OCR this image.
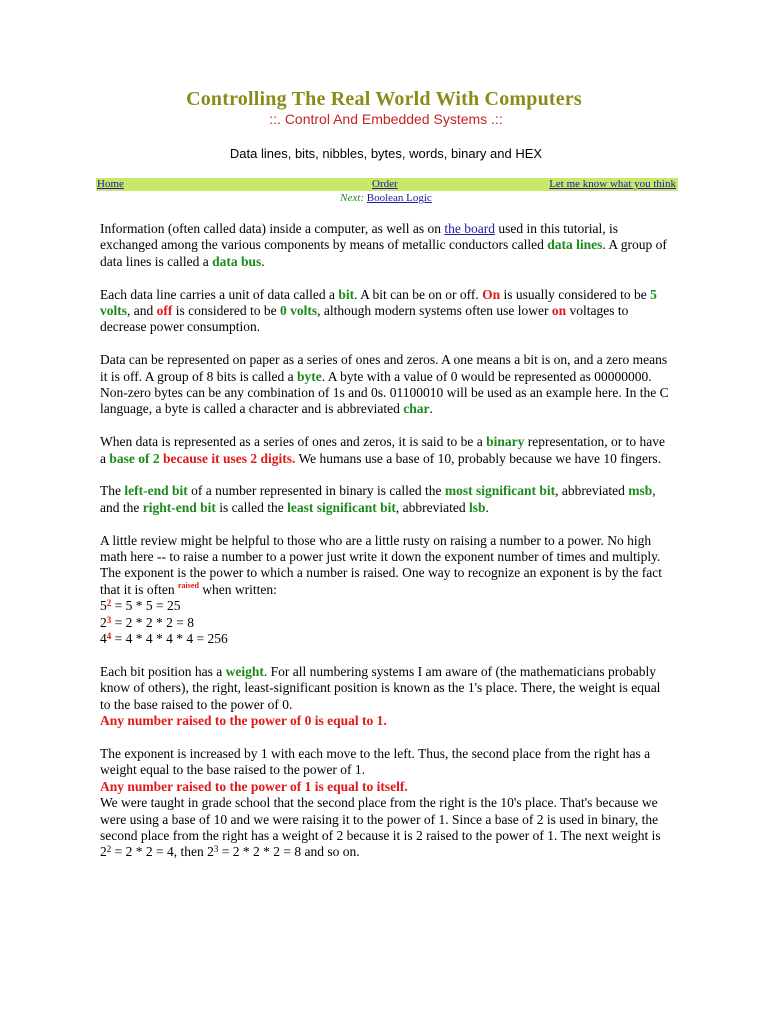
Controlling The Real World With Computers
::. Control And Embedded Systems .::
Data lines, bits, nibbles, bytes, words, binary and HEX
Home	Order	Let me know what you think
Next: Boolean Logic

Information (often called data) inside a computer, as well as on the board used in this tutorial, is exchanged among the various components by means of metallic conductors called data lines. A group of data lines is called a data bus.

Each data line carries a unit of data called a bit. A bit can be on or off. On is usually considered to be 5 volts, and off is considered to be 0 volts, although modern systems often use lower on voltages to decrease power consumption.

Data can be represented on paper as a series of ones and zeros. A one means a bit is on, and a zero means it is off. A group of 8 bits is called a byte. A byte with a value of 0 would be represented as 00000000. Non-zero bytes can be any combination of 1s and 0s. 01100010 will be used as an example here. In the C language, a byte is called a character and is abbreviated char.

When data is represented as a series of ones and zeros, it is said to be a binary representation, or to have a base of 2 because it uses 2 digits. We humans use a base of 10, probably because we have 10 fingers.

The left-end bit of a number represented in binary is called the most significant bit, abbreviated msb, and the right-end bit is called the least significant bit, abbreviated lsb.

A little review might be helpful to those who are a little rusty on raising a number to a power. No high math here -- to raise a number to a power just write it down the exponent number of times and multiply. The exponent is the power to which a number is raised. One way to recognize an exponent is by the fact that it is often $^{raised}$ when written:
$5^2 = 5 * 5 = 25$
$2^3 = 2 * 2 * 2 = 8$
$4^4 = 4 * 4 * 4 * 4 = 256$

Each bit position has a weight. For all numbering systems I am aware of (the mathematicians probably know of others), the right, least-significant position is known as the 1's place. There, the weight is equal to the base raised to the power of 0.
Any number raised to the power of 0 is equal to 1.

The exponent is increased by 1 with each move to the left. Thus, the second place from the right has a weight equal to the base raised to the power of 1.
Any number raised to the power of 1 is equal to itself.
We were taught in grade school that the second place from the right is the 10's place. That's because we were using a base of 10 and we were raising it to the power of 1. Since a base of 2 is used in binary, the second place from the right has a weight of 2 because it is 2 raised to the power of 1. The next weight is $2^2 = 2 * 2 = 4$, then $2^3 = 2 * 2 * 2 = 8$ and so on.
